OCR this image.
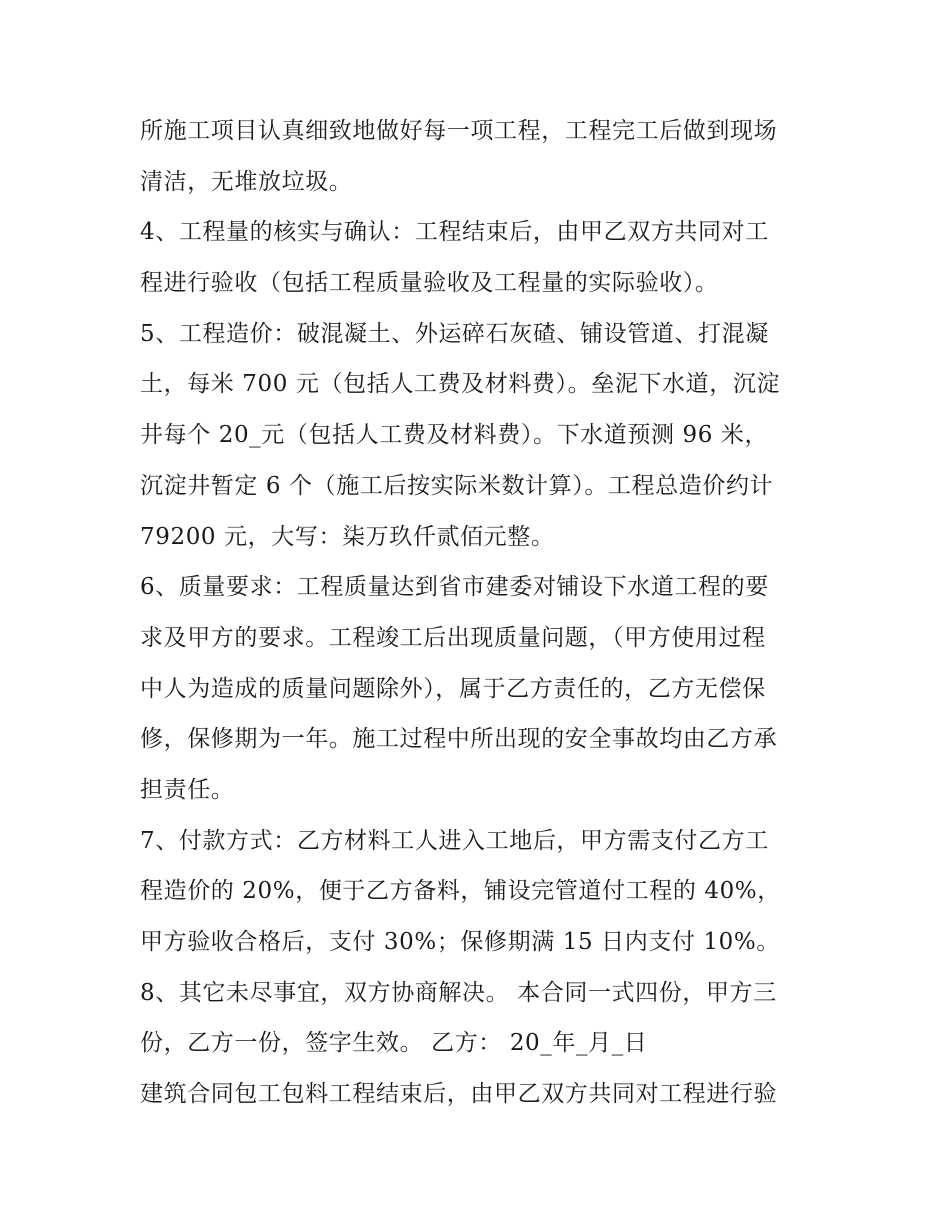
所施工项目认真细致地做好每一项工程，工程完工后做到现场
清洁，无堆放垃圾。
4、工程量的核实与确认：工程结束后，由甲乙双方共同对工
程进行验收（包括工程质量验收及工程量的实际验收）。
5、工程造价：破混凝土、外运碎石灰碴、铺设管道、打混凝
土，每米 700 元（包括人工费及材料费）。垒泥下水道，沉淀
井每个 20_元（包括人工费及材料费）。下水道预测 96 米，
沉淀井暂定 6 个（施工后按实际米数计算）。工程总造价约计
79200 元，大写：柒万玖仟贰佰元整。
6、质量要求：工程质量达到省市建委对铺设下水道工程的要
求及甲方的要求。工程竣工后出现质量问题，（甲方使用过程
中人为造成的质量问题除外），属于乙方责任的，乙方无偿保
修，保修期为一年。施工过程中所出现的安全事故均由乙方承
担责任。
7、付款方式：乙方材料工人进入工地后，甲方需支付乙方工
程造价的 20%，便于乙方备料，铺设完管道付工程的 40%，
甲方验收合格后，支付 30%；保修期满 15 日内支付 10%。
8、其它未尽事宜，双方协商解决。 本合同一式四份，甲方三
份，乙方一份，签字生效。 乙方： 20_年_月_日
建筑合同包工包料工程结束后，由甲乙双方共同对工程进行验
